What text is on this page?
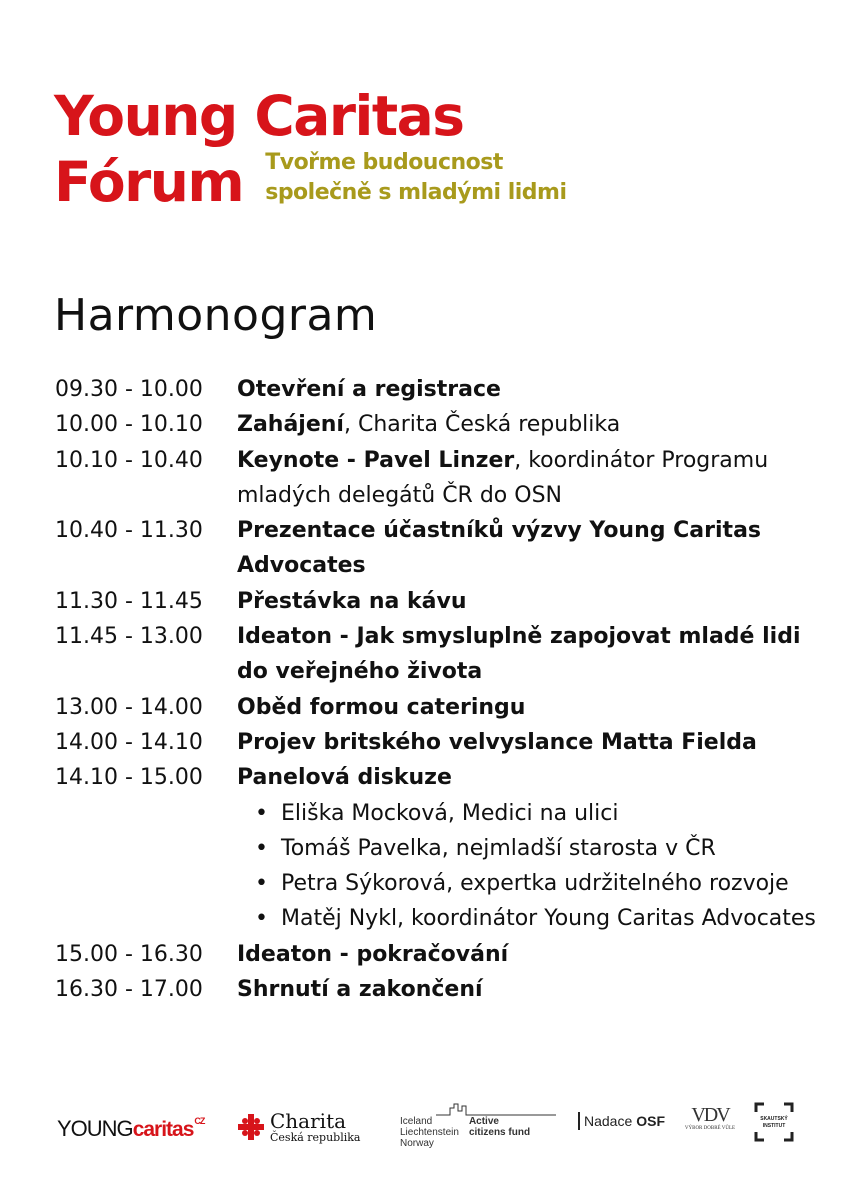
Young Caritas
Fórum Tvořme budoucnost
společně s mladými lidmi
Harmonogram
09.30 - 10.00	Otevření a registrace
10.00 - 10.10	Zahájení, Charita Česká republika
10.10 - 10.40	Keynote - Pavel Linzer, koordinátor Programu mladých delegátů ČR do OSN
10.40 - 11.30	Prezentace účastníků výzvy Young Caritas Advocates
11.30 - 11.45	Přestávka na kávu
11.45 - 13.00	Ideaton - Jak smysluplně zapojovat mladé lidi do veřejného života
13.00 - 14.00	Oběd formou cateringu
14.00 - 14.10	Projev britského velvyslance Matta Fielda
14.10 - 15.00	Panelová diskuze
• Eliška Mocková, Medici na ulici
• Tomáš Pavelka, nejmladší starosta v ČR
• Petra Sýkorová, expertka udržitelného rozvoje
• Matěj Nykl, koordinátor Young Caritas Advocates
15.00 - 16.30	Ideaton - pokračování
16.30 - 17.00	Shrnutí a zakončení
YOUNGcaritas$^{CZ}$	Charita
Česká republika
Iceland
Liechtenstein
Norway
Active
citizens fund
Nadace OSF	VDV
VÝBOR DOBRÉ VŮLE
SKAUTSKÝ
INSTITUT
